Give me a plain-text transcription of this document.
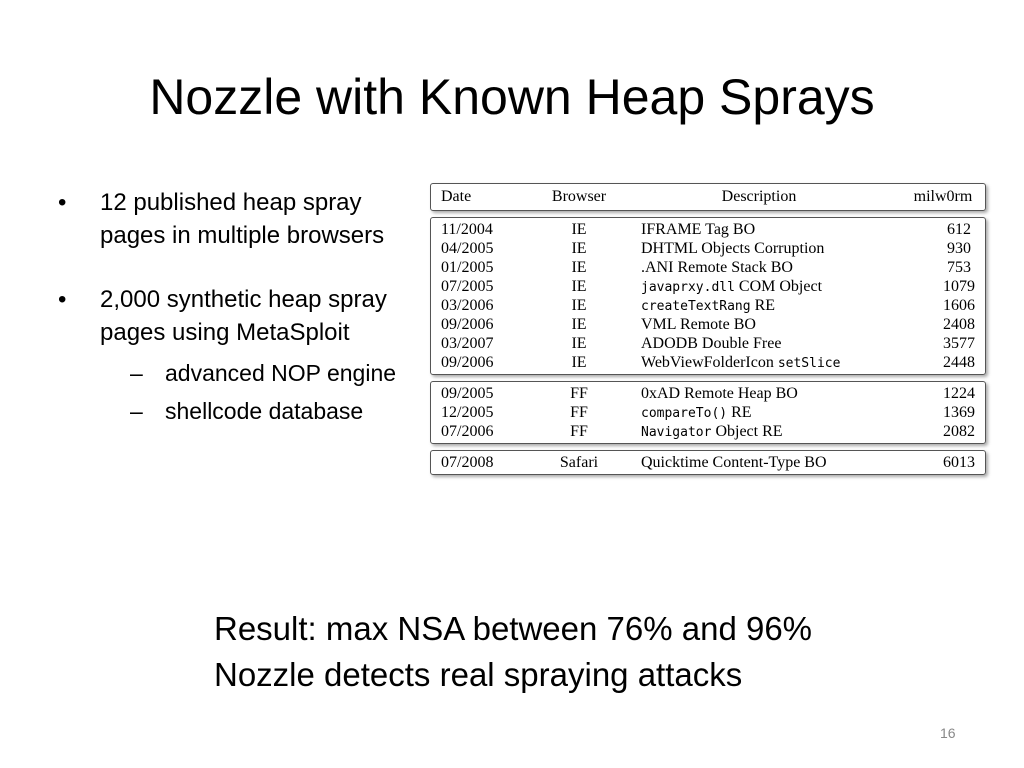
Nozzle with Known Heap Sprays
•	12 published heap spray pages in multiple browsers
•	2,000 synthetic heap spray pages using MetaSploit
– advanced NOP engine
– shellcode database
Date	Browser	Description	milw0rm
11/2004	IE	IFRAME Tag BO	612
04/2005	IE	DHTML Objects Corruption	930
01/2005	IE	.ANI Remote Stack BO	753
07/2005	IE	javaprxy.dll COM Object	1079
03/2006	IE	createTextRang RE	1606
09/2006	IE	VML Remote BO	2408
03/2007	IE	ADODB Double Free	3577
09/2006	IE	WebViewFolderIcon setSlice	2448
09/2005	FF	0xAD Remote Heap BO	1224
12/2005	FF	compareTo() RE	1369
07/2006	FF	Navigator Object RE	2082
07/2008	Safari	Quicktime Content-Type BO	6013
Result: max NSA between 76% and 96%
Nozzle detects real spraying attacks
16
